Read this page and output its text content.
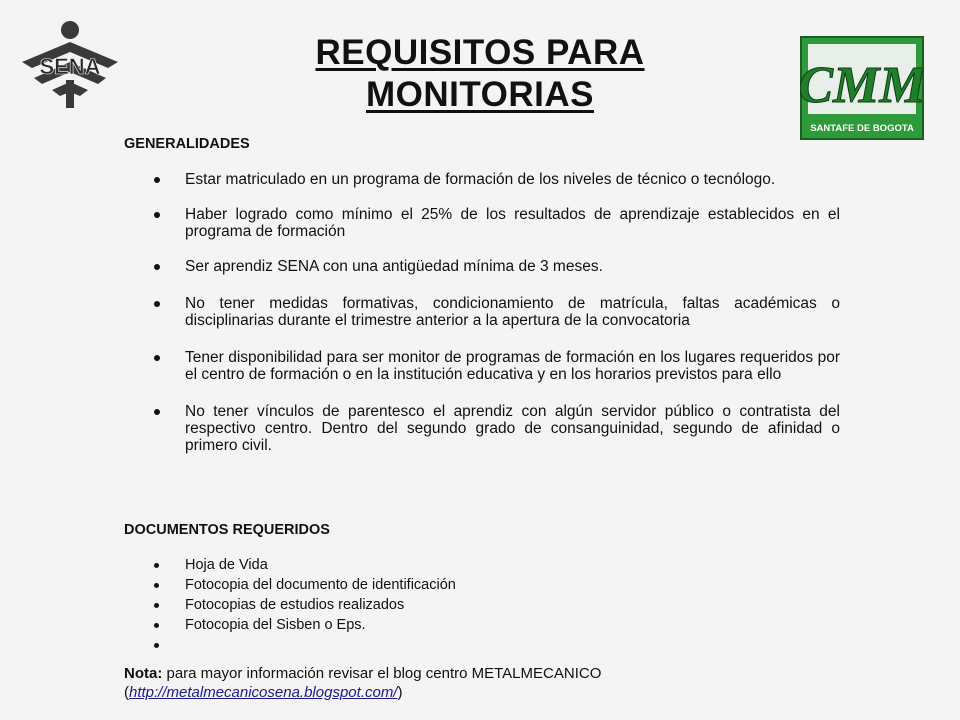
SENA	REQUISITOS PARA
MONITORIAS	CMM
SANTAFE DE BOGOTA
GENERALIDADES
Estar matriculado en un programa de formación de los niveles de técnico o tecnólogo.
Haber logrado como mínimo el 25% de los resultados de aprendizaje establecidos en el programa de formación
Ser aprendiz SENA con una antigüedad mínima de 3 meses.
No tener medidas formativas, condicionamiento de matrícula, faltas académicas o disciplinarias durante el trimestre anterior a la apertura de la convocatoria
Tener disponibilidad para ser monitor de programas de formación en los lugares requeridos por el centro de formación o en la institución educativa y en los horarios previstos para ello
No tener vínculos de parentesco el aprendiz con algún servidor público o contratista del respectivo centro. Dentro del segundo grado de consanguinidad, segundo de afinidad o primero civil.
DOCUMENTOS REQUERIDOS
Hoja de Vida
Fotocopia del documento de identificación
Fotocopias de estudios realizados
Fotocopia del Sisben o Eps.

Nota: para mayor información revisar el blog centro METALMECANICO
(http://metalmecanicosena.blogspot.com/)
